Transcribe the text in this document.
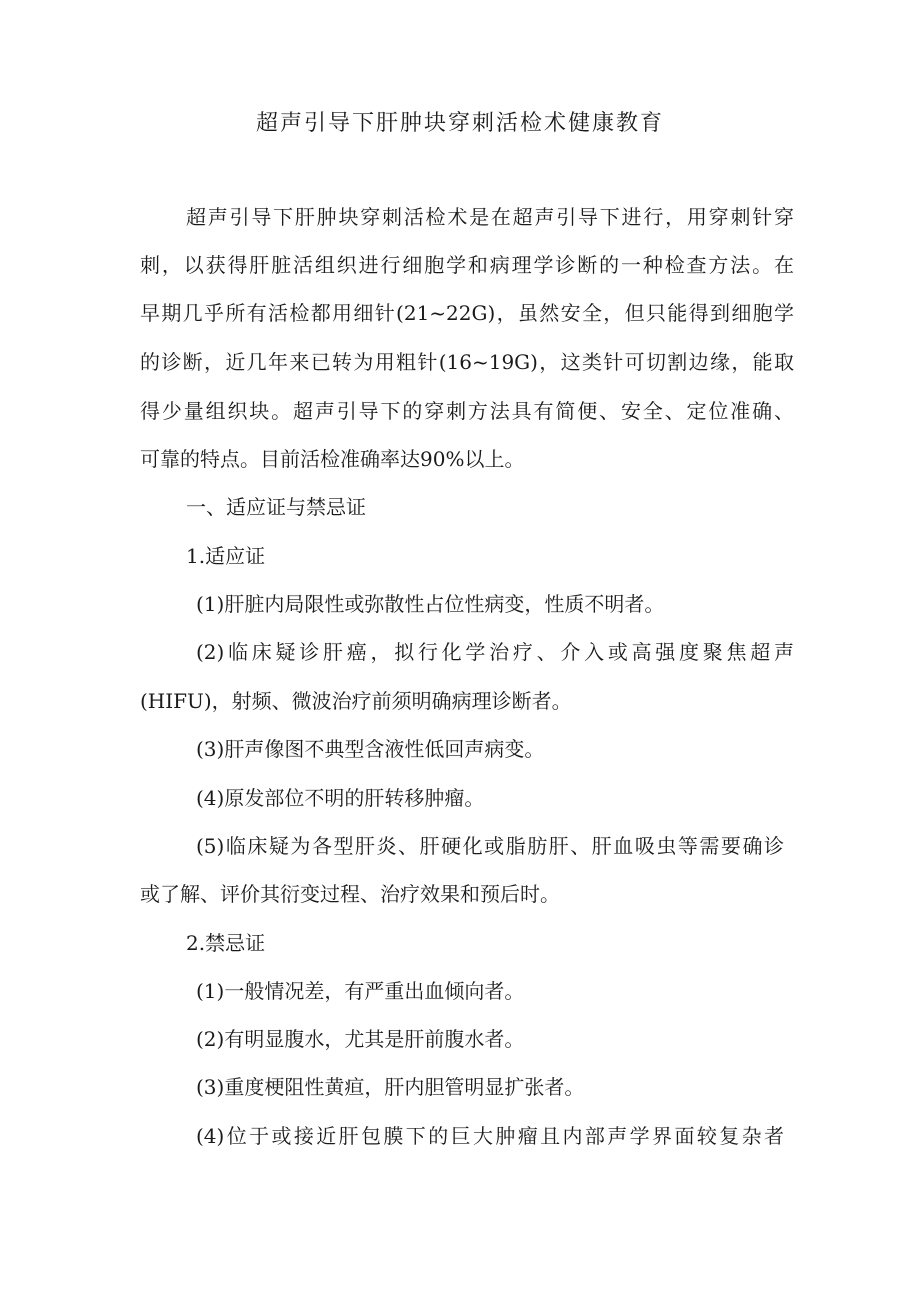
超声引导下肝肿块穿刺活检术健康教育

超声引导下肝肿块穿刺活检术是在超声引导下进行，用穿刺针穿

刺，以获得肝脏活组织进行细胞学和病理学诊断的一种检查方法。在

早期几乎所有活检都用细针(21~22G)，虽然安全，但只能得到细胞学

的诊断，近几年来已转为用粗针(16~19G)，这类针可切割边缘，能取

得少量组织块。超声引导下的穿刺方法具有简便、安全、定位准确、

可靠的特点。目前活检准确率达90%以上。

一、适应证与禁忌证

1.适应证

(1)肝脏内局限性或弥散性占位性病变，性质不明者。

(2)临床疑诊肝癌，拟行化学治疗、介入或高强度聚焦超声

(HIFU)，射频、微波治疗前须明确病理诊断者。

(3)肝声像图不典型含液性低回声病变。

(4)原发部位不明的肝转移肿瘤。

(5)临床疑为各型肝炎、肝硬化或脂肪肝、肝血吸虫等需要确诊

或了解、评价其衍变过程、治疗效果和预后时。

2.禁忌证

(1)一般情况差，有严重出血倾向者。

(2)有明显腹水，尤其是肝前腹水者。

(3)重度梗阻性黄疸，肝内胆管明显扩张者。

(4)位于或接近肝包膜下的巨大肿瘤且内部声学界面较复杂者
